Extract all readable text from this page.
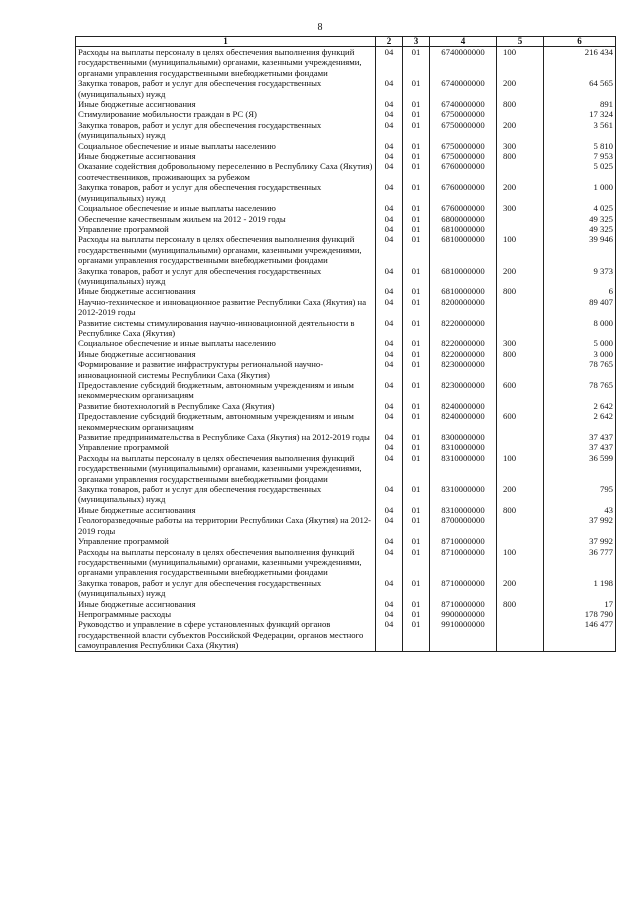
8
1	2	3	4	5	6
Расходы на выплаты персоналу в целях обеспечения выполнения функций государственными (муниципальными) органами, казенными учреждениями, органами управления государственными внебюджетными фондами	04	01	6740000000	100	216 434
Закупка товаров, работ и услуг для обеспечения государственных (муниципальных) нужд	04	01	6740000000	200	64 565
Иные бюджетные ассигнования	04	01	6740000000	800	891
Стимулирование мобильности граждан в РС (Я)	04	01	6750000000		17 324
Закупка товаров, работ и услуг для обеспечения государственных (муниципальных) нужд	04	01	6750000000	200	3 561
Социальное обеспечение и иные выплаты населению	04	01	6750000000	300	5 810
Иные бюджетные ассигнования	04	01	6750000000	800	7 953
Оказание содействия добровольному переселению в Республику Саха (Якутия) соотечественников, проживающих за рубежом	04	01	6760000000		5 025
Закупка товаров, работ и услуг для обеспечения государственных (муниципальных) нужд	04	01	6760000000	200	1 000
Социальное обеспечение и иные выплаты населению	04	01	6760000000	300	4 025
Обеспечение качественным жильем на 2012 - 2019 годы	04	01	6800000000		49 325
Управление программой	04	01	6810000000		49 325
Расходы на выплаты персоналу в целях обеспечения выполнения функций государственными (муниципальными) органами, казенными учреждениями, органами управления государственными внебюджетными фондами	04	01	6810000000	100	39 946
Закупка товаров, работ и услуг для обеспечения государственных (муниципальных) нужд	04	01	6810000000	200	9 373
Иные бюджетные ассигнования	04	01	6810000000	800	6
Научно-техническое и инновационное развитие Республики Саха (Якутия) на 2012-2019 годы	04	01	8200000000		89 407
Развитие системы стимулирования научно-инновационной деятельности в Республике Саха (Якутия)	04	01	8220000000		8 000
Социальное обеспечение и иные выплаты населению	04	01	8220000000	300	5 000
Иные бюджетные ассигнования	04	01	8220000000	800	3 000
Формирование и развитие инфраструктуры региональной научно-инновационной системы Республики Саха (Якутия)	04	01	8230000000		78 765
Предоставление субсидий бюджетным, автономным учреждениям и иным некоммерческим организациям	04	01	8230000000	600	78 765
Развитие биотехнологий в Республике Саха (Якутия)	04	01	8240000000		2 642
Предоставление субсидий бюджетным, автономным учреждениям и иным некоммерческим организациям	04	01	8240000000	600	2 642
Развитие предпринимательства в Республике Саха (Якутия) на 2012-2019 годы	04	01	8300000000		37 437
Управление программой	04	01	8310000000		37 437
Расходы на выплаты персоналу в целях обеспечения выполнения функций государственными (муниципальными) органами, казенными учреждениями, органами управления государственными внебюджетными фондами	04	01	8310000000	100	36 599
Закупка товаров, работ и услуг для обеспечения государственных (муниципальных) нужд	04	01	8310000000	200	795
Иные бюджетные ассигнования	04	01	8310000000	800	43
Геологоразведочные работы на территории Республики Саха (Якутия) на 2012-2019 годы	04	01	8700000000		37 992
Управление программой	04	01	8710000000		37 992
Расходы на выплаты персоналу в целях обеспечения выполнения функций государственными (муниципальными) органами, казенными учреждениями, органами управления государственными внебюджетными фондами	04	01	8710000000	100	36 777
Закупка товаров, работ и услуг для обеспечения государственных (муниципальных) нужд	04	01	8710000000	200	1 198
Иные бюджетные ассигнования	04	01	8710000000	800	17
Непрограммные расходы	04	01	9900000000		178 790
Руководство и управление в сфере установленных функций органов государственной власти субъектов Российской Федерации, органов местного самоуправления Республики Саха (Якутия)	04	01	9910000000		146 477
